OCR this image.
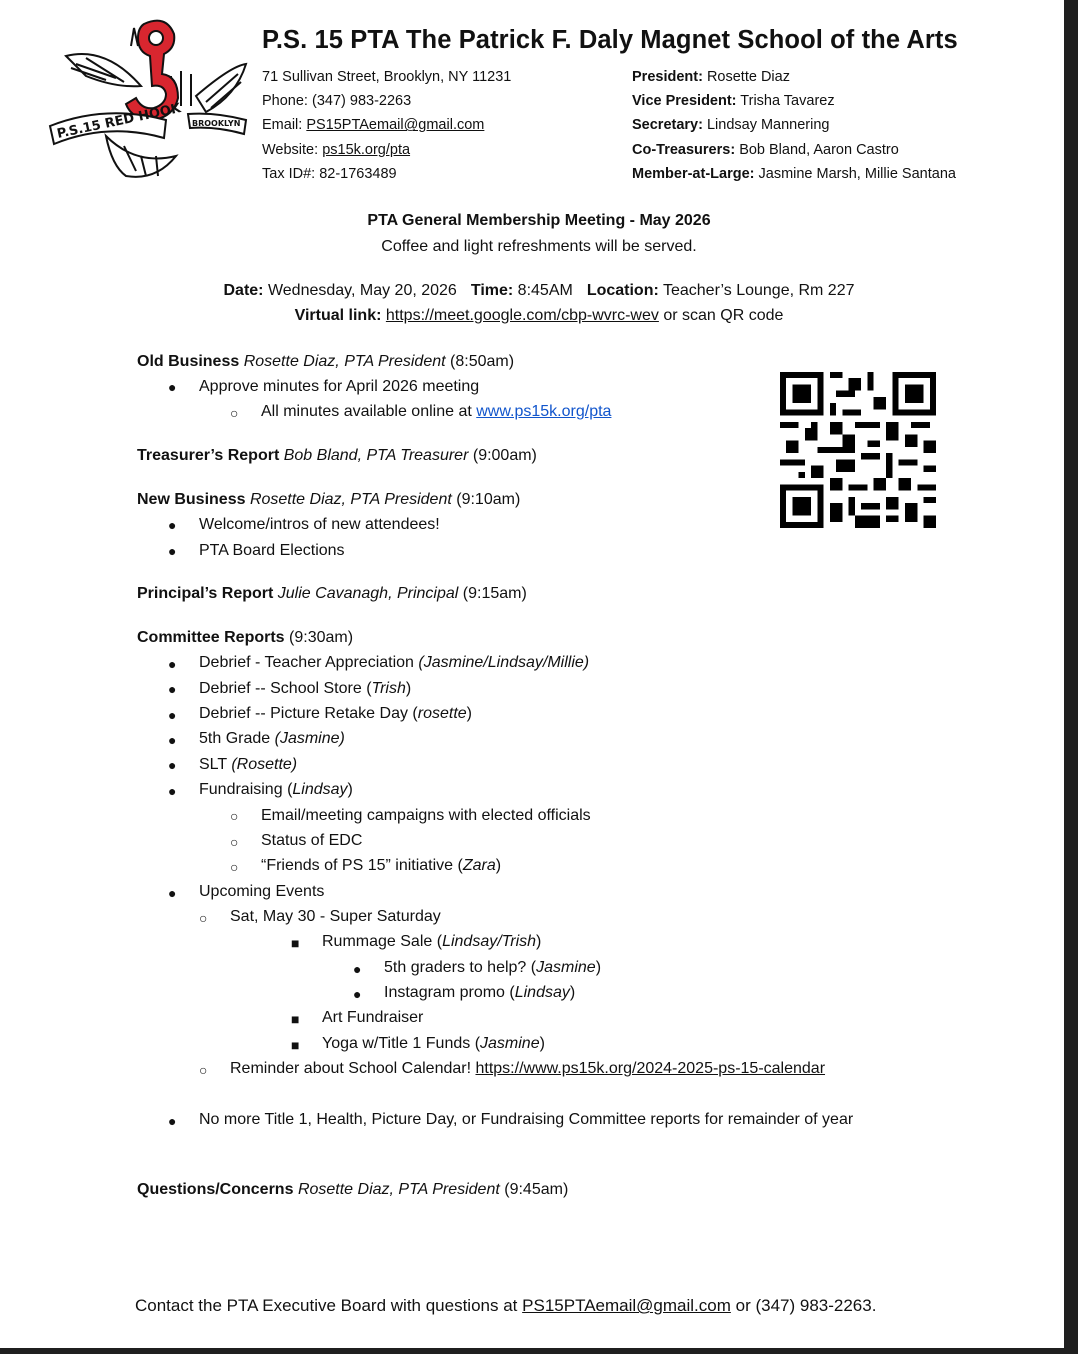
P.S.15 RED HOOK BROOKLYN
P.S. 15 PTA The Patrick F. Daly Magnet School of the Arts
71 Sullivan Street, Brooklyn, NY 11231
Phone: (347) 983-2263
Email: PS15PTAemail@gmail.com
Website: ps15k.org/pta
Tax ID#: 82-1763489
President: Rosette Diaz
Vice President: Trisha Tavarez
Secretary: Lindsay Mannering
Co-Treasurers: Bob Bland, Aaron Castro
Member-at-Large: Jasmine Marsh, Millie Santana
PTA General Membership Meeting - May 2026
Coffee and light refreshments will be served.
Date: Wednesday, May 20, 2026 Time: 8:45AM Location: Teacher’s Lounge, Rm 227
Virtual link: https://meet.google.com/cbp-wvrc-wev or scan QR code
Old Business Rosette Diaz, PTA President (8:50am)
● Approve minutes for April 2026 meeting
○ All minutes available online at www.ps15k.org/pta
Treasurer’s Report Bob Bland, PTA Treasurer (9:00am)
New Business Rosette Diaz, PTA President (9:10am)
● Welcome/intros of new attendees!
● PTA Board Elections
Principal’s Report Julie Cavanagh, Principal (9:15am)
Committee Reports (9:30am)
● Debrief - Teacher Appreciation (Jasmine/Lindsay/Millie)
● Debrief -- School Store (Trish)
● Debrief -- Picture Retake Day (rosette)
● 5th Grade (Jasmine)
● SLT (Rosette)
● Fundraising (Lindsay)
○ Email/meeting campaigns with elected officials
○ Status of EDC
○ “Friends of PS 15” initiative (Zara)
● Upcoming Events
○ Sat, May 30 - Super Saturday
■ Rummage Sale (Lindsay/Trish)
● 5th graders to help? (Jasmine)
● Instagram promo (Lindsay)
■ Art Fundraiser
■ Yoga w/Title 1 Funds (Jasmine)
○ Reminder about School Calendar! https://www.ps15k.org/2024-2025-ps-15-calendar
● No more Title 1, Health, Picture Day, or Fundraising Committee reports for remainder of year
Questions/Concerns Rosette Diaz, PTA President (9:45am)
Contact the PTA Executive Board with questions at PS15PTAemail@gmail.com or (347) 983-2263.
